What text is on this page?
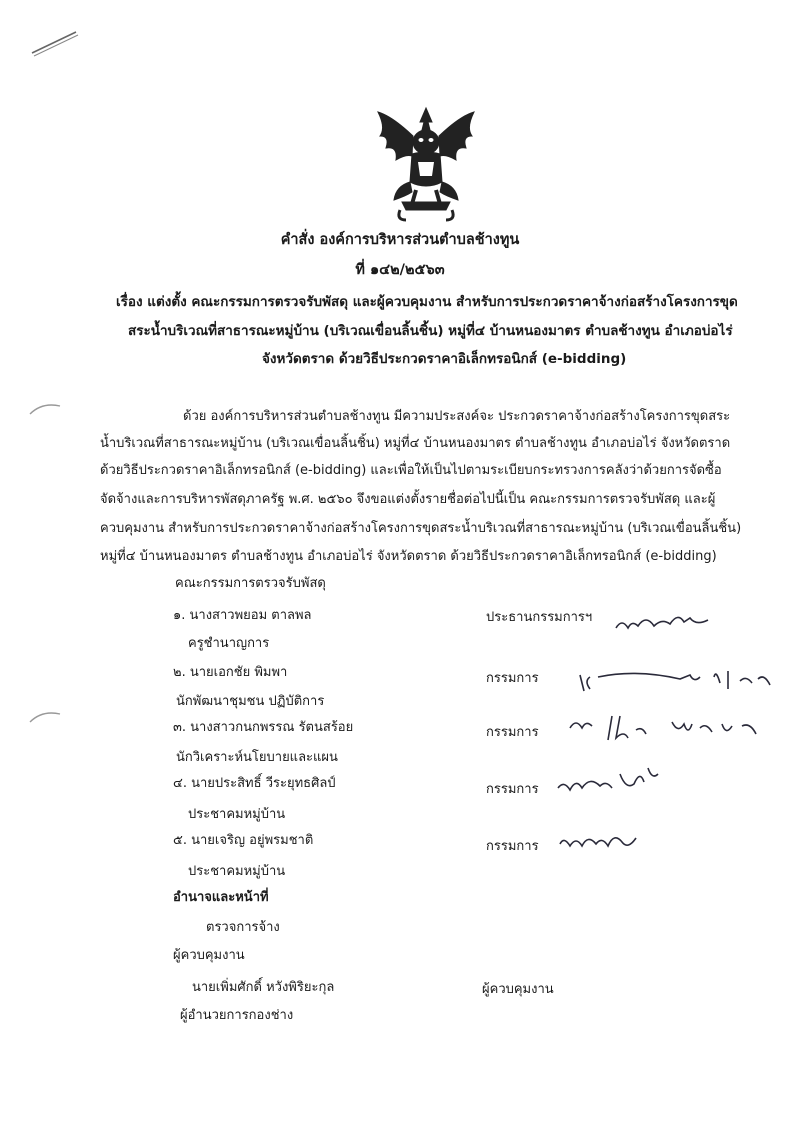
คำสั่ง องค์การบริหารส่วนตำบลช้างทูน
ที่ ๑๔๒/๒๕๖๓
เรื่อง แต่งตั้ง คณะกรรมการตรวจรับพัสดุ และผู้ควบคุมงาน สำหรับการประกวดราคาจ้างก่อสร้างโครงการขุด
สระน้ำบริเวณที่สาธารณะหมู่บ้าน (บริเวณเขื่อนลิ้นชิ้น) หมู่ที่๔ บ้านหนองมาตร ตำบลช้างทูน อำเภอบ่อไร่
จังหวัดตราด ด้วยวิธีประกวดราคาอิเล็กทรอนิกส์ (e-bidding)
ด้วย องค์การบริหารส่วนตำบลช้างทูน มีความประสงค์จะ ประกวดราคาจ้างก่อสร้างโครงการขุดสระ
น้ำบริเวณที่สาธารณะหมู่บ้าน (บริเวณเขื่อนลิ้นชิ้น) หมู่ที่๔ บ้านหนองมาตร ตำบลช้างทูน อำเภอบ่อไร่ จังหวัดตราด
ด้วยวิธีประกวดราคาอิเล็กทรอนิกส์ (e-bidding) และเพื่อให้เป็นไปตามระเบียบกระทรวงการคลังว่าด้วยการจัดซื้อ
จัดจ้างและการบริหารพัสดุภาครัฐ พ.ศ. ๒๕๖๐ จึงขอแต่งตั้งรายชื่อต่อไปนี้เป็น คณะกรรมการตรวจรับพัสดุ และผู้
ควบคุมงาน สำหรับการประกวดราคาจ้างก่อสร้างโครงการขุดสระน้ำบริเวณที่สาธารณะหมู่บ้าน (บริเวณเขื่อนลิ้นชิ้น)
หมู่ที่๔ บ้านหนองมาตร ตำบลช้างทูน อำเภอบ่อไร่ จังหวัดตราด ด้วยวิธีประกวดราคาอิเล็กทรอนิกส์ (e-bidding)
คณะกรรมการตรวจรับพัสดุ
๑. นางสาวพยอม ตาลพล
ครูชำนาญการ
ประธานกรรมการฯ
๒. นายเอกชัย พิมพา
นักพัฒนาชุมชน ปฏิบัติการ
กรรมการ
๓. นางสาวกนกพรรณ รัตนสร้อย
นักวิเคราะห์นโยบายและแผน
กรรมการ
๔. นายประสิทธิ์ วีระยุทธศิลป์
ประชาคมหมู่บ้าน
กรรมการ
๕. นายเจริญ อยู่พรมชาติ
ประชาคมหมู่บ้าน
กรรมการ
อำนาจและหน้าที่
ตรวจการจ้าง
ผู้ควบคุมงาน
นายเพิ่มศักดิ์ หวังพิริยะกุล
ผู้อำนวยการกองช่าง
ผู้ควบคุมงาน
